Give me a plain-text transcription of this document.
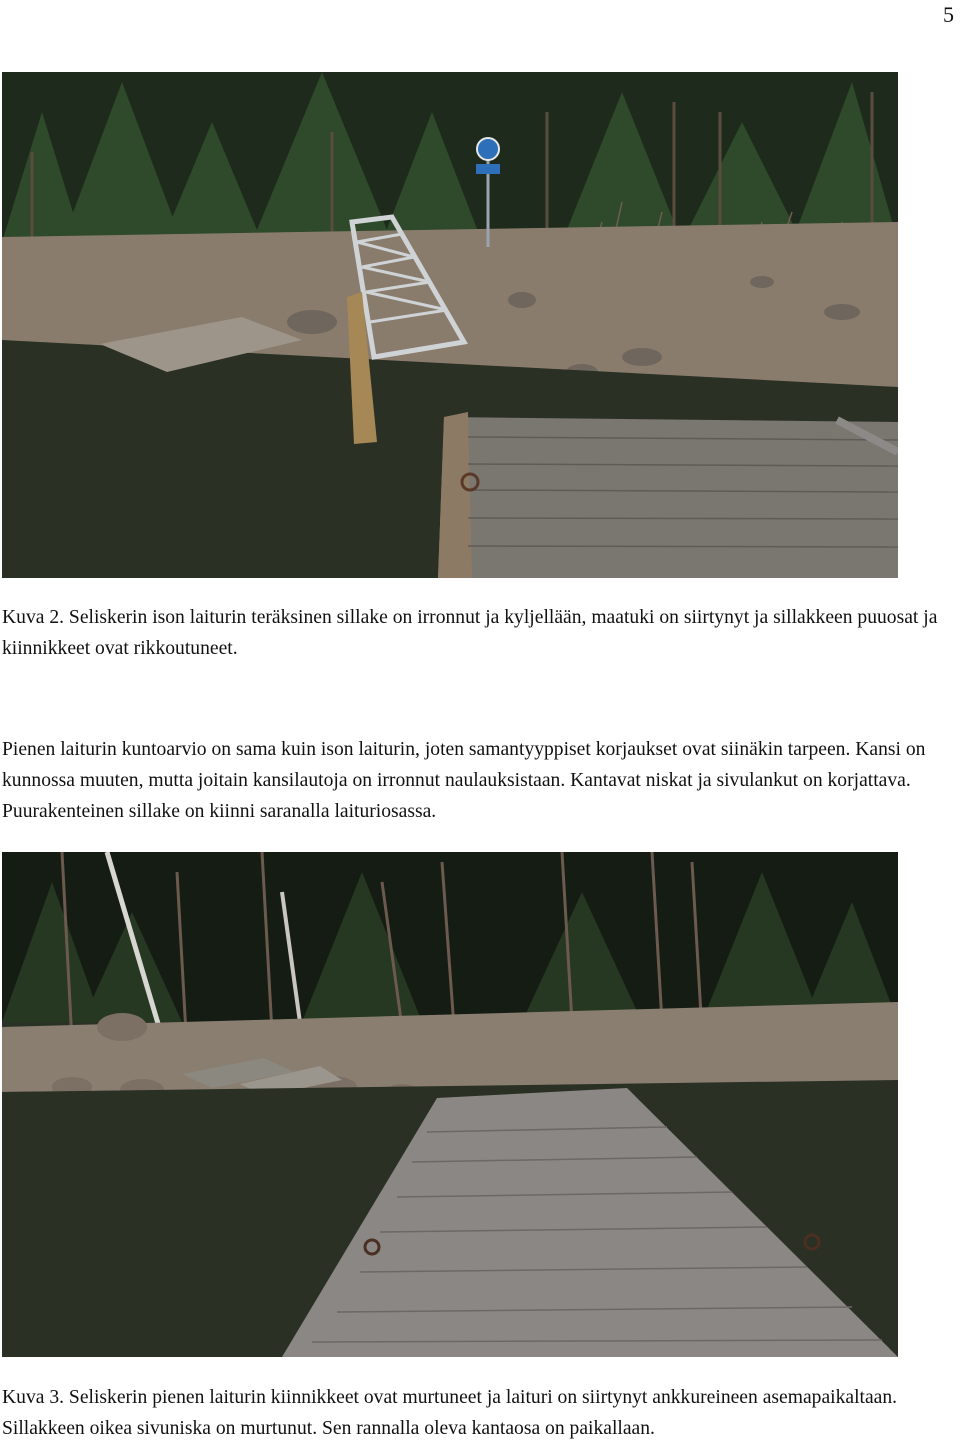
5

Kuva 2. Seliskerin ison laiturin teräksinen sillake on irronnut ja kyljellään, maatuki on siirtynyt ja sillakkeen puuosat ja kiinnikkeet ovat rikkoutuneet.

Pienen laiturin kuntoarvio on sama kuin ison laiturin, joten samantyyppiset korjaukset ovat siinäkin tarpeen. Kansi on kunnossa muuten, mutta joitain kansilautoja on irronnut naulauksistaan. Kantavat niskat ja sivulankut on korjattava. Puurakenteinen sillake on kiinni saranalla laituriosassa.

Kuva 3. Seliskerin pienen laiturin kiinnikkeet ovat murtuneet ja laituri on siirtynyt ankkureineen asemapaikaltaan. Sillakkeen oikea sivuniska on murtunut. Sen rannalla oleva kantaosa on paikallaan.
